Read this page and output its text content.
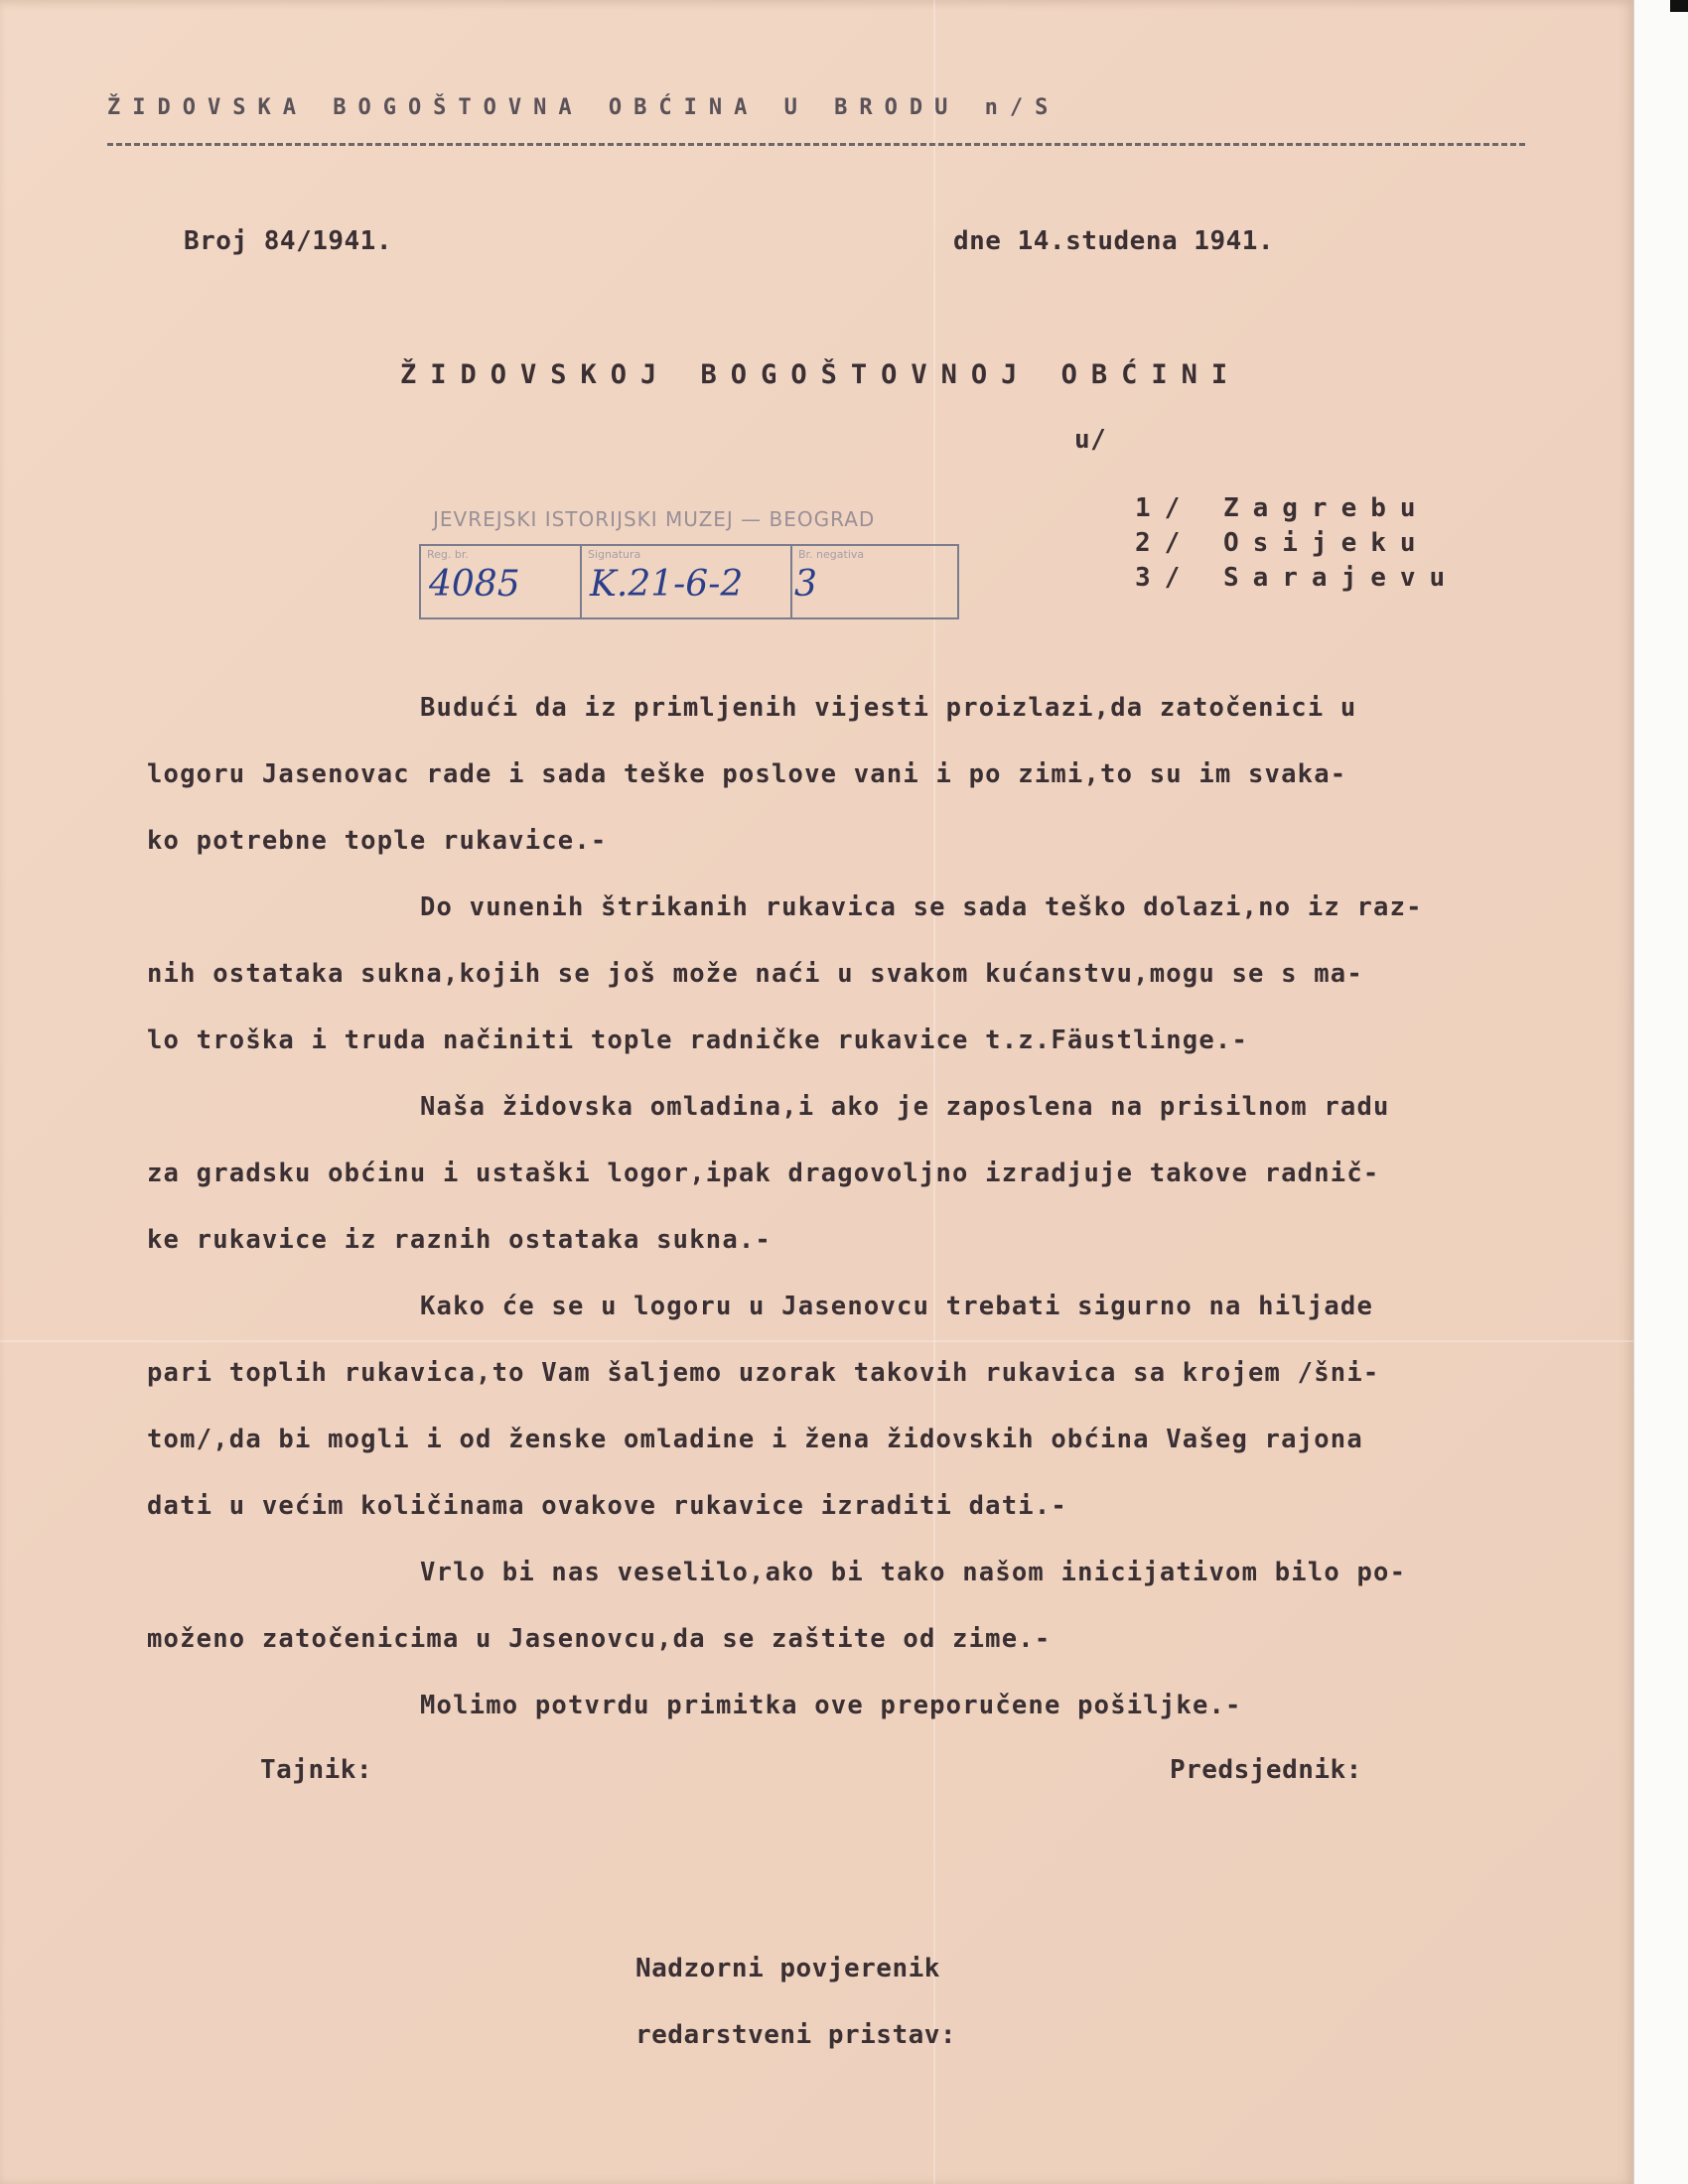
ŽIDOVSKA BOGOŠTOVNA OBĆINA U BRODU n/S
Broj 84/1941.	dne 14.studena 1941.
ŽIDOVSKOJ BOGOŠTOVNOJ OBĆINI
u/
1/ Zagrebu
2/ Osijeku
3/ Sarajevu
JEVREJSKI ISTORIJSKI MUZEJ — BEOGRAD
Reg. br.
4085
Signatura
K.21-6-2
Br. negativa
3
Budući da iz primljenih vijesti proizlazi,da zatočenici u
logoru Jasenovac rade i sada teške poslove vani i po zimi,to su im svaka-
ko potrebne tople rukavice.-
Do vunenih štrikanih rukavica se sada teško dolazi,no iz raz-
nih ostataka sukna,kojih se još može naći u svakom kućanstvu,mogu se s ma-
lo troška i truda načiniti tople radničke rukavice t.z.Fäustlinge.-
Naša židovska omladina,i ako je zaposlena na prisilnom radu
za gradsku obćinu i ustaški logor,ipak dragovoljno izradjuje takove radnič-
ke rukavice iz raznih ostataka sukna.-
Kako će se u logoru u Jasenovcu trebati sigurno na hiljade
pari toplih rukavica,to Vam šaljemo uzorak takovih rukavica sa krojem /šni-
tom/,da bi mogli i od ženske omladine i žena židovskih obćina Vašeg rajona
dati u većim količinama ovakove rukavice izraditi dati.-
Vrlo bi nas veselilo,ako bi tako našom inicijativom bilo po-
moženo zatočenicima u Jasenovcu,da se zaštite od zime.-
Molimo potvrdu primitka ove preporučene pošiljke.-
Tajnik:	Predsjednik:
Nadzorni povjerenik
redarstveni pristav:
